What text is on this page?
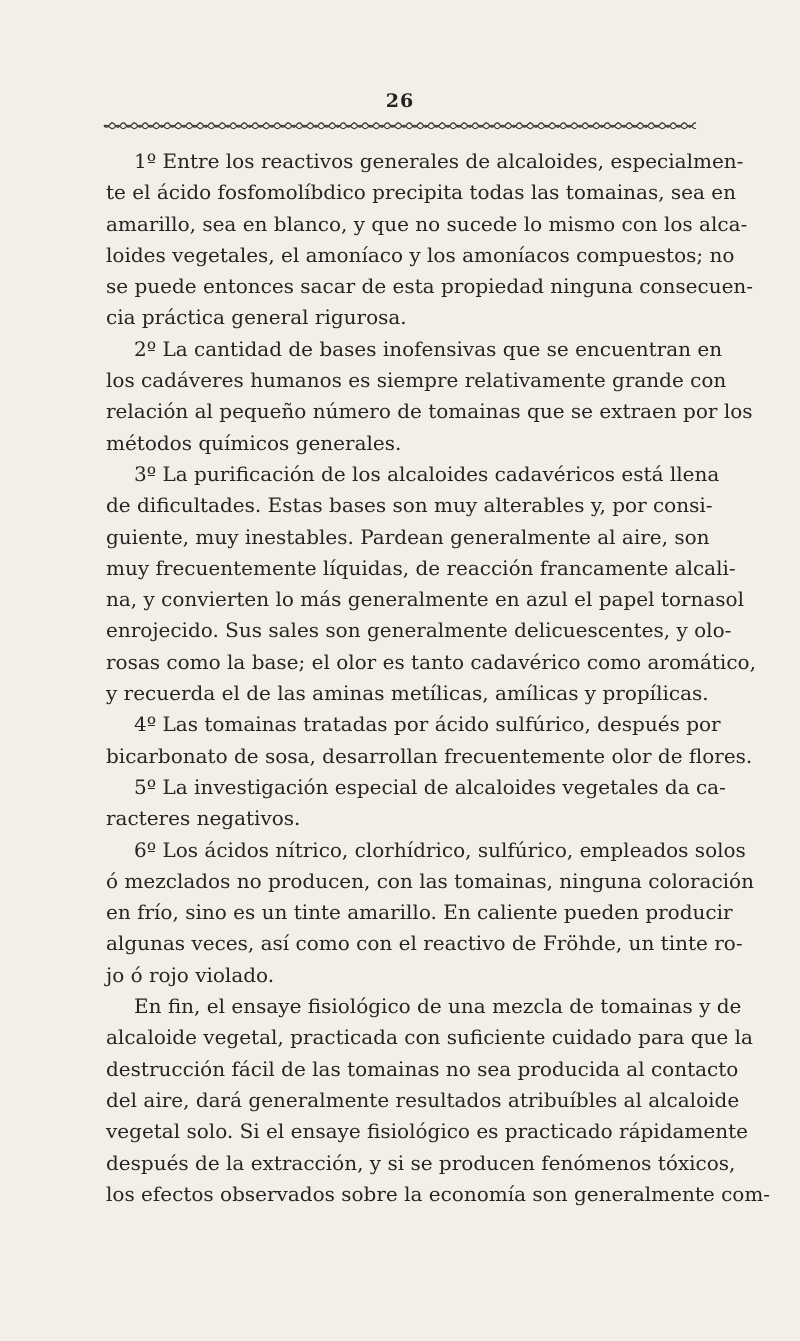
26
1º Entre los reactivos generales de alcaloides, especialmen-
te el ácido fosfomolíbdico precipita todas las tomainas, sea en
amarillo, sea en blanco, y que no sucede lo mismo con los alca-
loides vegetales, el amoníaco y los amoníacos compuestos; no
se puede entonces sacar de esta propiedad ninguna consecuen-
cia práctica general rigurosa.
2º La cantidad de bases inofensivas que se encuentran en
los cadáveres humanos es siempre relativamente grande con
relación al pequeño número de tomainas que se extraen por los
métodos químicos generales.
3º La purificación de los alcaloides cadavéricos está llena
de dificultades. Estas bases son muy alterables y, por consi-
guiente, muy inestables. Pardean generalmente al aire, son
muy frecuentemente líquidas, de reacción francamente alcali-
na, y convierten lo más generalmente en azul el papel tornasol
enrojecido. Sus sales son generalmente delicuescentes, y olo-
rosas como la base; el olor es tanto cadavérico como aromático,
y recuerda el de las aminas metílicas, amílicas y propílicas.
4º Las tomainas tratadas por ácido sulfúrico, después por
bicarbonato de sosa, desarrollan frecuentemente olor de flores.
5º La investigación especial de alcaloides vegetales da ca-
racteres negativos.
6º Los ácidos nítrico, clorhídrico, sulfúrico, empleados solos
ó mezclados no producen, con las tomainas, ninguna coloración
en frío, sino es un tinte amarillo. En caliente pueden producir
algunas veces, así como con el reactivo de Fröhde, un tinte ro-
jo ó rojo violado.
En fin, el ensaye fisiológico de una mezcla de tomainas y de
alcaloide vegetal, practicada con suficiente cuidado para que la
destrucción fácil de las tomainas no sea producida al contacto
del aire, dará generalmente resultados atribuíbles al alcaloide
vegetal solo. Si el ensaye fisiológico es practicado rápidamente
después de la extracción, y si se producen fenómenos tóxicos,
los efectos observados sobre la economía son generalmente com-
